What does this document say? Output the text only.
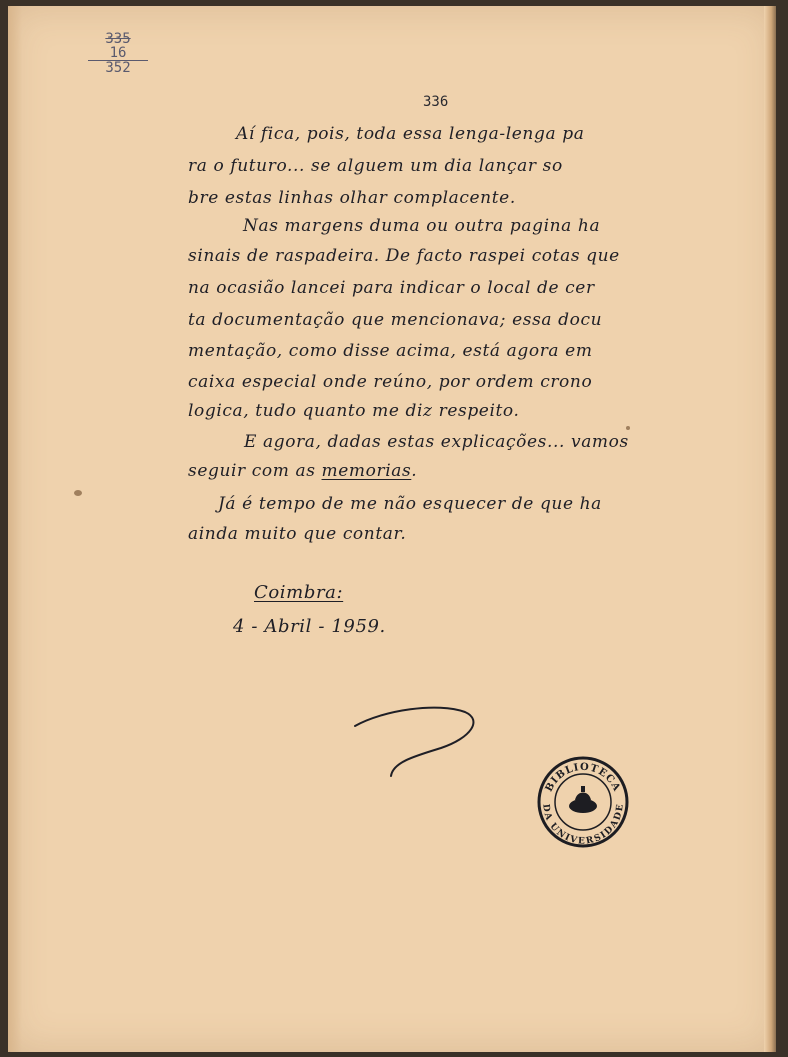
335
16
352
336
Aí fica, pois, toda essa lenga-lenga pa
ra o futuro... se alguem um dia lançar so
bre estas linhas olhar complacente.
Nas margens duma ou outra pagina ha
sinais de raspadeira. De facto raspei cotas que
na ocasião lancei para indicar o local de cer
ta documentação que mencionava; essa docu
mentação, como disse acima, está agora em
caixa especial onde reúno, por ordem crono
logica, tudo quanto me diz respeito.
E agora, dadas estas explicações... vamos
seguir com as memorias.
Já é tempo de me não esquecer de que ha
ainda muito que contar.
Coimbra:
4 - Abril - 1959.
BIBLIOTECA
DA UNIVERSIDADE
